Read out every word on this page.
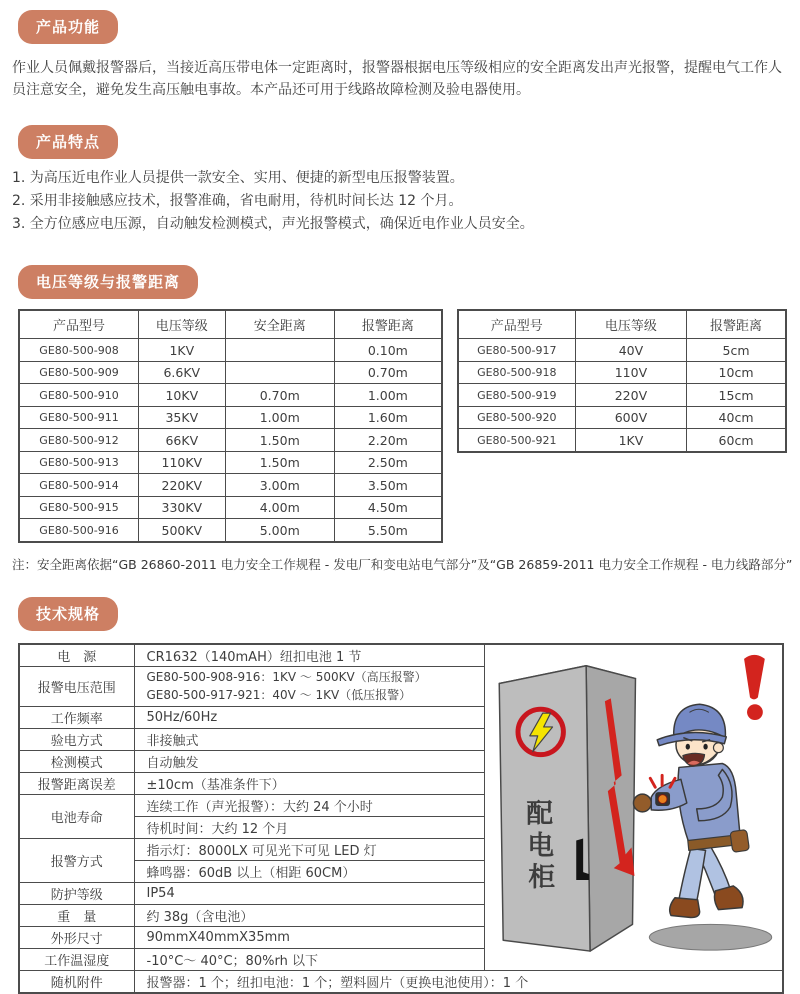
产品功能
作业人员佩戴报警器后，当接近高压带电体一定距离时，报警器根据电压等级相应的安全距离发出声光报警，提醒电气工作人员注意安全，避免发生高压触电事故。本产品还可用于线路故障检测及验电器使用。
产品特点
1. 为高压近电作业人员提供一款安全、实用、便捷的新型电压报警装置。
2. 采用非接触感应技术，报警准确，省电耐用，待机时间长达 12 个月。
3. 全方位感应电压源，自动触发检测模式，声光报警模式，确保近电作业人员安全。
电压等级与报警距离
产品型号	电压等级	安全距离	报警距离
GE80-500-908	1KV		0.10m
GE80-500-909	6.6KV		0.70m
GE80-500-910	10KV	0.70m	1.00m
GE80-500-911	35KV	1.00m	1.60m
GE80-500-912	66KV	1.50m	2.20m
GE80-500-913	110KV	1.50m	2.50m
GE80-500-914	220KV	3.00m	3.50m
GE80-500-915	330KV	4.00m	4.50m
GE80-500-916	500KV	5.00m	5.50m
产品型号	电压等级	报警距离
GE80-500-917	40V	5cm
GE80-500-918	110V	10cm
GE80-500-919	220V	15cm
GE80-500-920	600V	40cm
GE80-500-921	1KV	60cm
注：安全距离依据“GB 26860-2011 电力安全工作规程 - 发电厂和变电站电气部分”及“GB 26859-2011 电力安全工作规程 - 电力线路部分”
技术规格
电　源	CR1632（140mAH）纽扣电池 1 节	配
电
柜

报警电压范围	GE80-500-908-916：1KV ～ 500KV（高压报警）
GE80-500-917-921：40V ～ 1KV（低压报警）	

工作频率	50Hz/60Hz	
验电方式	非接触式	
检测模式	自动触发	
报警距离误差	±10cm（基准条件下）	
电池寿命	连续工作（声光报警）：大约 24 个小时	
	待机时间：大约 12 个月	
报警方式	指示灯：8000LX 可见光下可见 LED 灯	
	蜂鸣器：60dB 以上（相距 60CM）	
防护等级	IP54	
重　量	约 38g（含电池）	
外形尺寸	90mmX40mmX35mm	
工作温湿度	-10°C～ 40°C；80%rh 以下	
随机附件	报警器：1 个；纽扣电池：1 个；塑料圆片（更换电池使用）：1 个	
